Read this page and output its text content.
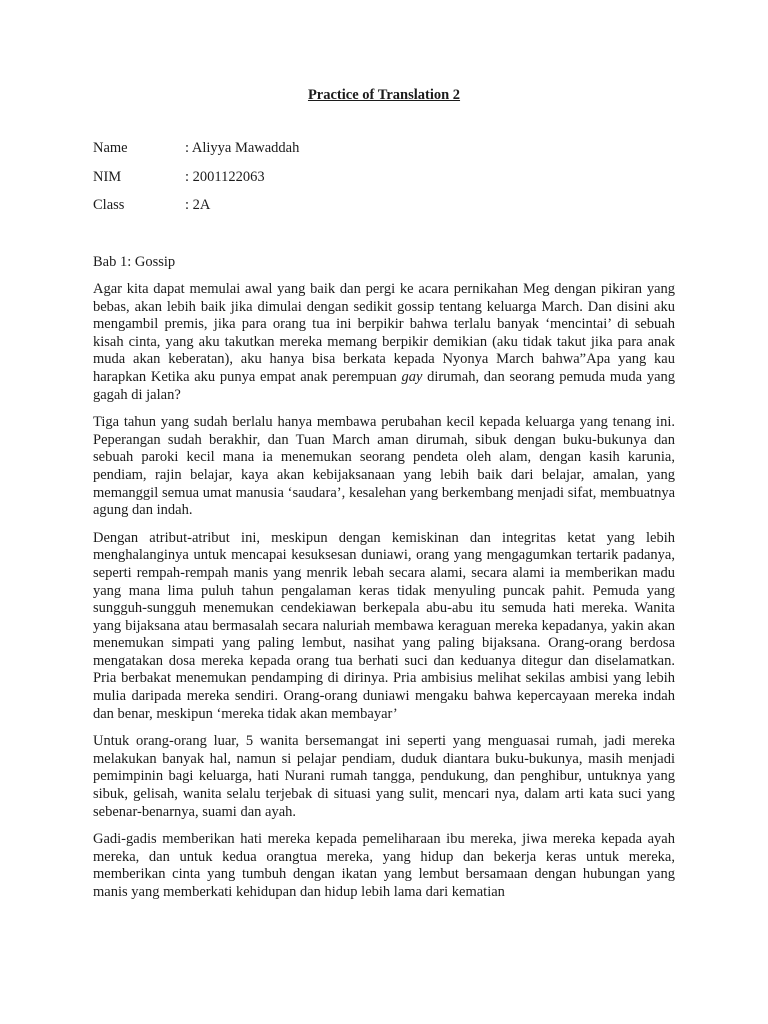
Practice of Translation 2
Name	: Aliyya Mawaddah
NIM	: 2001122063
Class	: 2A
Bab 1: Gossip

Agar kita dapat memulai awal yang baik dan pergi ke acara pernikahan Meg dengan pikiran yang bebas, akan lebih baik jika dimulai dengan sedikit gossip tentang keluarga March. Dan disini aku mengambil premis, jika para orang tua ini berpikir bahwa terlalu banyak ‘mencintai’ di sebuah kisah cinta, yang aku takutkan mereka memang berpikir demikian (aku tidak takut jika para anak muda akan keberatan), aku hanya bisa berkata kepada Nyonya March bahwa”Apa yang kau harapkan Ketika aku punya empat anak perempuan gay dirumah, dan seorang pemuda muda yang gagah di jalan?

Tiga tahun yang sudah berlalu hanya membawa perubahan kecil kepada keluarga yang tenang ini. Peperangan sudah berakhir, dan Tuan March aman dirumah, sibuk dengan buku-bukunya dan sebuah paroki kecil mana ia menemukan seorang pendeta oleh alam, dengan kasih karunia, pendiam, rajin belajar, kaya akan kebijaksanaan yang lebih baik dari belajar, amalan, yang memanggil semua umat manusia ‘saudara’, kesalehan yang berkembang menjadi sifat, membuatnya agung dan indah.

Dengan atribut-atribut ini, meskipun dengan kemiskinan dan integritas ketat yang lebih menghalanginya untuk mencapai kesuksesan duniawi, orang yang mengagumkan tertarik padanya, seperti rempah-rempah manis yang menrik lebah secara alami, secara alami ia memberikan madu yang mana lima puluh tahun pengalaman keras tidak menyuling puncak pahit. Pemuda yang sungguh-sungguh menemukan cendekiawan berkepala abu-abu itu semuda hati mereka. Wanita yang bijaksana atau bermasalah secara naluriah membawa keraguan mereka kepadanya, yakin akan menemukan simpati yang paling lembut, nasihat yang paling bijaksana. Orang-orang berdosa mengatakan dosa mereka kepada orang tua berhati suci dan keduanya ditegur dan diselamatkan. Pria berbakat menemukan pendamping di dirinya. Pria ambisius melihat sekilas ambisi yang lebih mulia daripada mereka sendiri. Orang-orang duniawi mengaku bahwa kepercayaan mereka indah dan benar, meskipun ‘mereka tidak akan membayar’

Untuk orang-orang luar, 5 wanita bersemangat ini seperti yang menguasai rumah, jadi mereka melakukan banyak hal, namun si pelajar pendiam, duduk diantara buku-bukunya, masih menjadi pemimpinin bagi keluarga, hati Nurani rumah tangga, pendukung, dan penghibur, untuknya yang sibuk, gelisah, wanita selalu terjebak di situasi yang sulit, mencari nya, dalam arti kata suci yang sebenar-benarnya, suami dan ayah.

Gadi-gadis memberikan hati mereka kepada pemeliharaan ibu mereka, jiwa mereka kepada ayah mereka, dan untuk kedua orangtua mereka, yang hidup dan bekerja keras untuk mereka, memberikan cinta yang tumbuh dengan ikatan yang lembut bersamaan dengan hubungan yang manis yang memberkati kehidupan dan hidup lebih lama dari kematian
